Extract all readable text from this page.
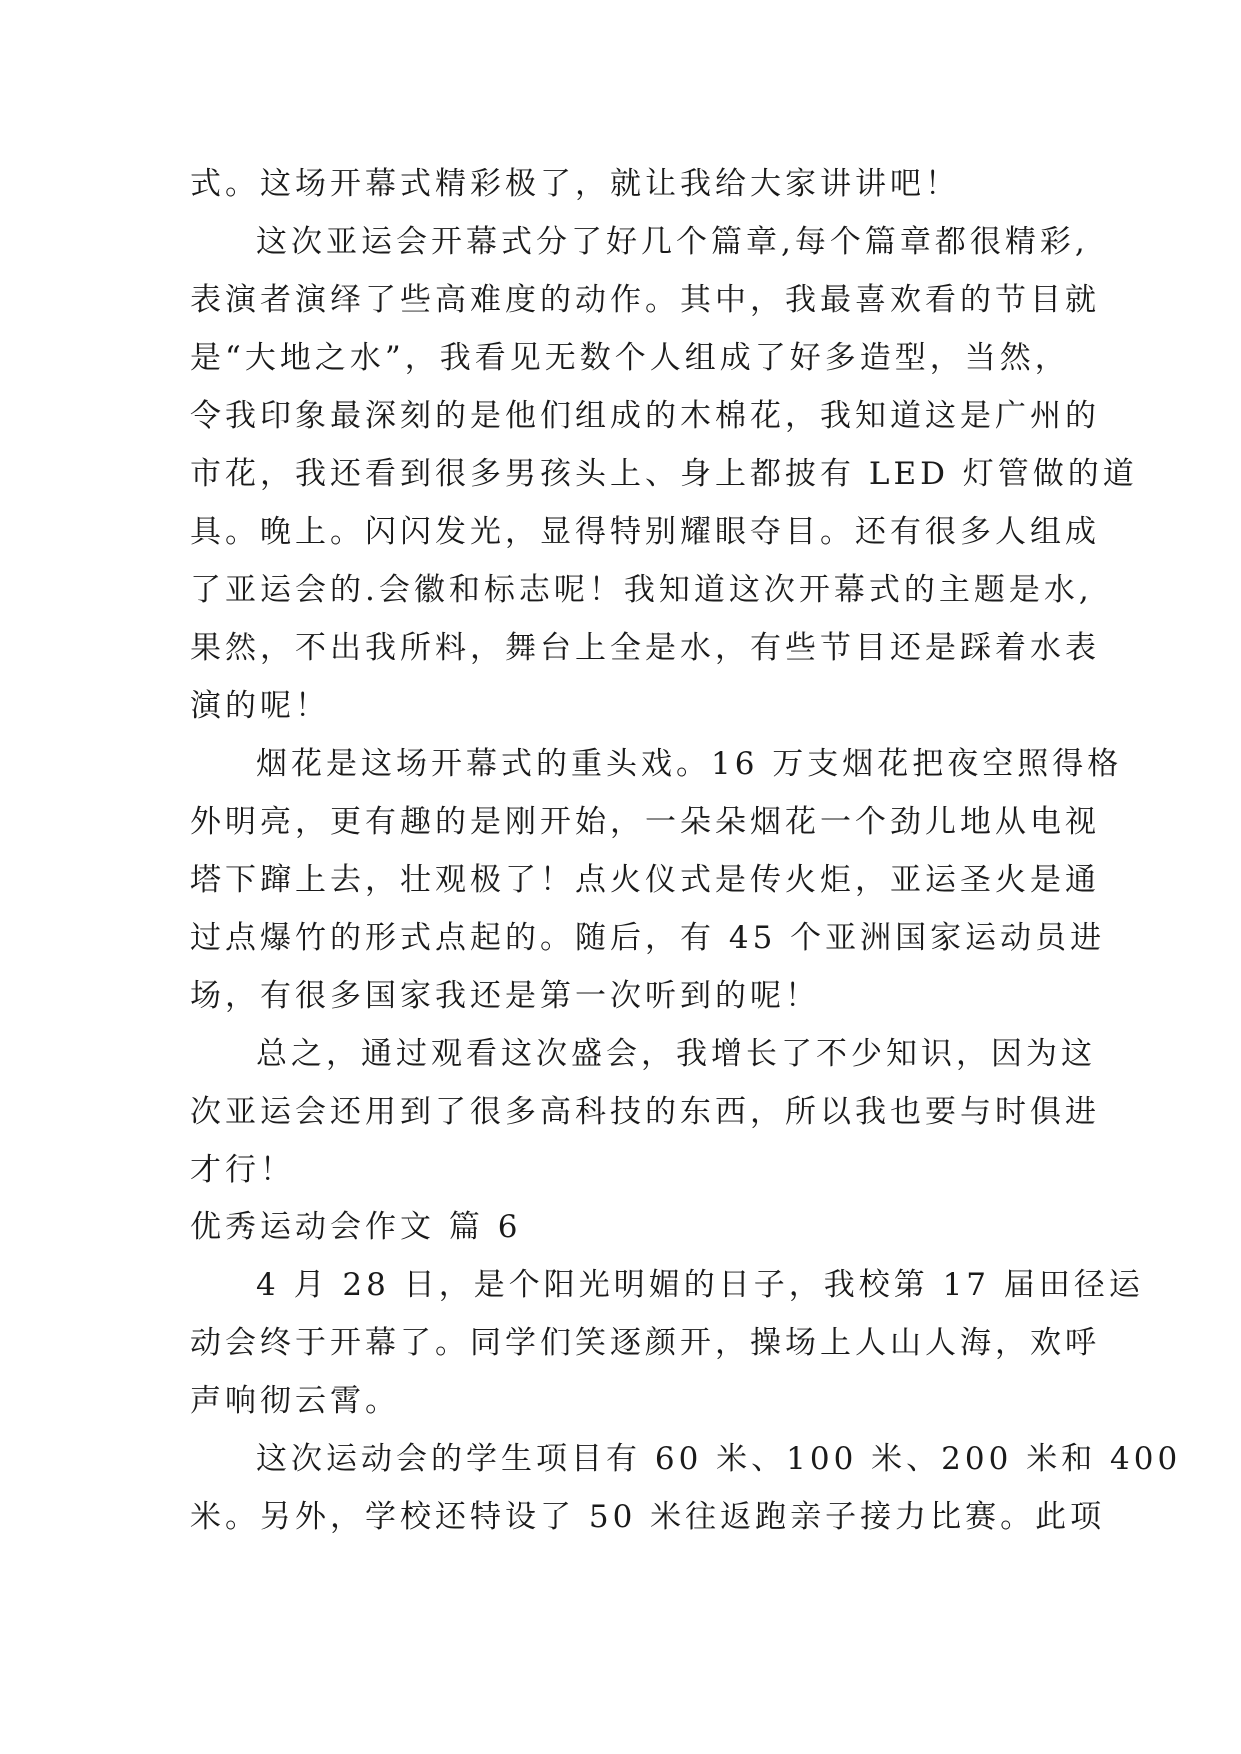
式。这场开幕式精彩极了，就让我给大家讲讲吧！
这次亚运会开幕式分了好几个篇章,每个篇章都很精彩,
表演者演绎了些高难度的动作。其中，我最喜欢看的节目就
是“大地之水”，我看见无数个人组成了好多造型，当然，
令我印象最深刻的是他们组成的木棉花，我知道这是广州的
市花，我还看到很多男孩头上、身上都披有 LED 灯管做的道
具。晚上。闪闪发光，显得特别耀眼夺目。还有很多人组成
了亚运会的.会徽和标志呢！我知道这次开幕式的主题是水,
果然，不出我所料，舞台上全是水，有些节目还是踩着水表
演的呢！
烟花是这场开幕式的重头戏。16 万支烟花把夜空照得格
外明亮，更有趣的是刚开始，一朵朵烟花一个劲儿地从电视
塔下蹿上去，壮观极了！点火仪式是传火炬，亚运圣火是通
过点爆竹的形式点起的。随后，有 45 个亚洲国家运动员进
场，有很多国家我还是第一次听到的呢！
总之，通过观看这次盛会，我增长了不少知识，因为这
次亚运会还用到了很多高科技的东西，所以我也要与时俱进
才行！
优秀运动会作文 篇 6
4 月 28 日，是个阳光明媚的日子，我校第 17 届田径运
动会终于开幕了。同学们笑逐颜开，操场上人山人海，欢呼
声响彻云霄。
这次运动会的学生项目有 60 米、100 米、200 米和 400
米。另外，学校还特设了 50 米往返跑亲子接力比赛。此项
